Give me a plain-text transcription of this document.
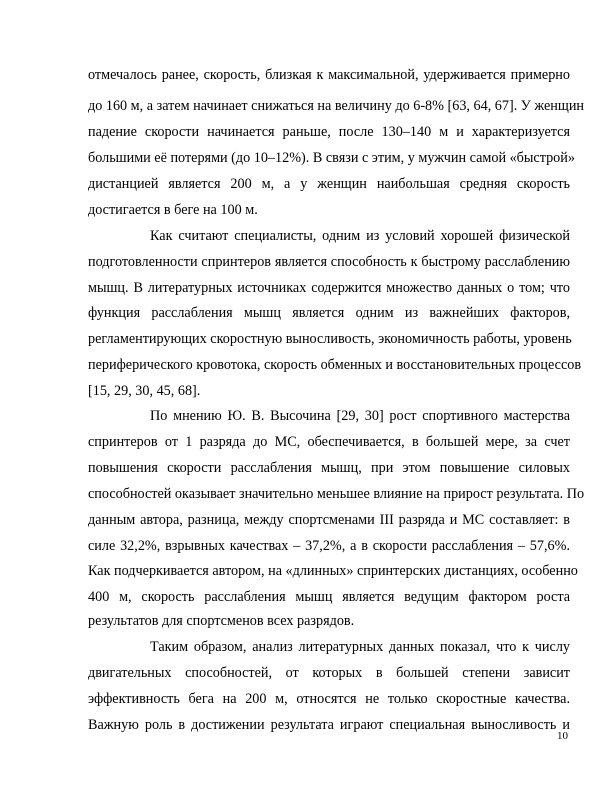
отмечалось ранее, скорость, близкая к максимальной, удерживается примерно
до 160 м, а затем начинает снижаться на величину до 6-8% [63, 64, 67]. У женщин
падение скорости начинается раньше, после 130–140 м и характеризуется
большими её потерями (до 10–12%). В связи с этим, у мужчин самой «быстрой»
дистанцией является 200 м, а у женщин наибольшая средняя скорость
достигается в беге на 100 м.
Как считают специалисты, одним из условий хорошей физической
подготовленности спринтеров является способность к быстрому расслаблению
мышц. В литературных источниках содержится множество данных о том; что
функция расслабления мышц является одним из важнейших факторов,
регламентирующих скоростную выносливость, экономичность работы, уровень
периферического кровотока, скорость обменных и восстановительных процессов
[15, 29, 30, 45, 68].
По мнению Ю. В. Высочина [29, 30] рост спортивного мастерства
спринтеров от 1 разряда до МС, обеспечивается, в большей мере, за счет
повышения скорости расслабления мышц, при этом повышение силовых
способностей оказывает значительно меньшее влияние на прирост результата. По
данным автора, разница, между спортсменами III разряда и МС составляет: в
силе 32,2%, взрывных качествах – 37,2%, а в скорости расслабления – 57,6%.
Как подчеркивается автором, на «длинных» спринтерских дистанциях, особенно
400 м, скорость расслабления мышц является ведущим фактором роста
результатов для спортсменов всех разрядов.
Таким образом, анализ литературных данных показал, что к числу
двигательных способностей, от которых в большей степени зависит
эффективность бега на 200 м, относятся не только скоростные качества.
Важную роль в достижении результата играют специальная выносливость и
10
